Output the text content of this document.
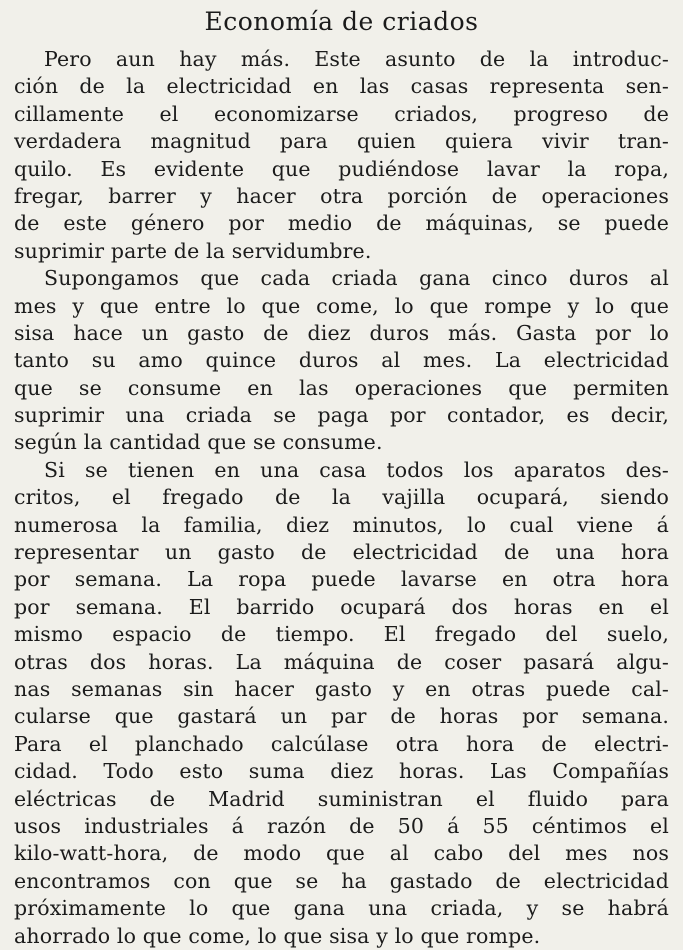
Economía de criados
Pero aun hay más. Este asunto de la introduc-
ción de la electricidad en las casas representa sen-
cillamente el economizarse criados, progreso de
verdadera magnitud para quien quiera vivir tran-
quilo. Es evidente que pudiéndose lavar la ropa,
fregar, barrer y hacer otra porción de operaciones
de este género por medio de máquinas, se puede
suprimir parte de la servidumbre.
Supongamos que cada criada gana cinco duros al
mes y que entre lo que come, lo que rompe y lo que
sisa hace un gasto de diez duros más. Gasta por lo
tanto su amo quince duros al mes. La electricidad
que se consume en las operaciones que permiten
suprimir una criada se paga por contador, es decir,
según la cantidad que se consume.
Si se tienen en una casa todos los aparatos des-
critos, el fregado de la vajilla ocupará, siendo
numerosa la familia, diez minutos, lo cual viene á
representar un gasto de electricidad de una hora
por semana. La ropa puede lavarse en otra hora
por semana. El barrido ocupará dos horas en el
mismo espacio de tiempo. El fregado del suelo,
otras dos horas. La máquina de coser pasará algu-
nas semanas sin hacer gasto y en otras puede cal-
cularse que gastará un par de horas por semana.
Para el planchado calcúlase otra hora de electri-
cidad. Todo esto suma diez horas. Las Compañías
eléctricas de Madrid suministran el fluido para
usos industriales á razón de 50 á 55 céntimos el
kilo-watt-hora, de modo que al cabo del mes nos
encontramos con que se ha gastado de electricidad
próximamente lo que gana una criada, y se habrá
ahorrado lo que come, lo que sisa y lo que rompe.
